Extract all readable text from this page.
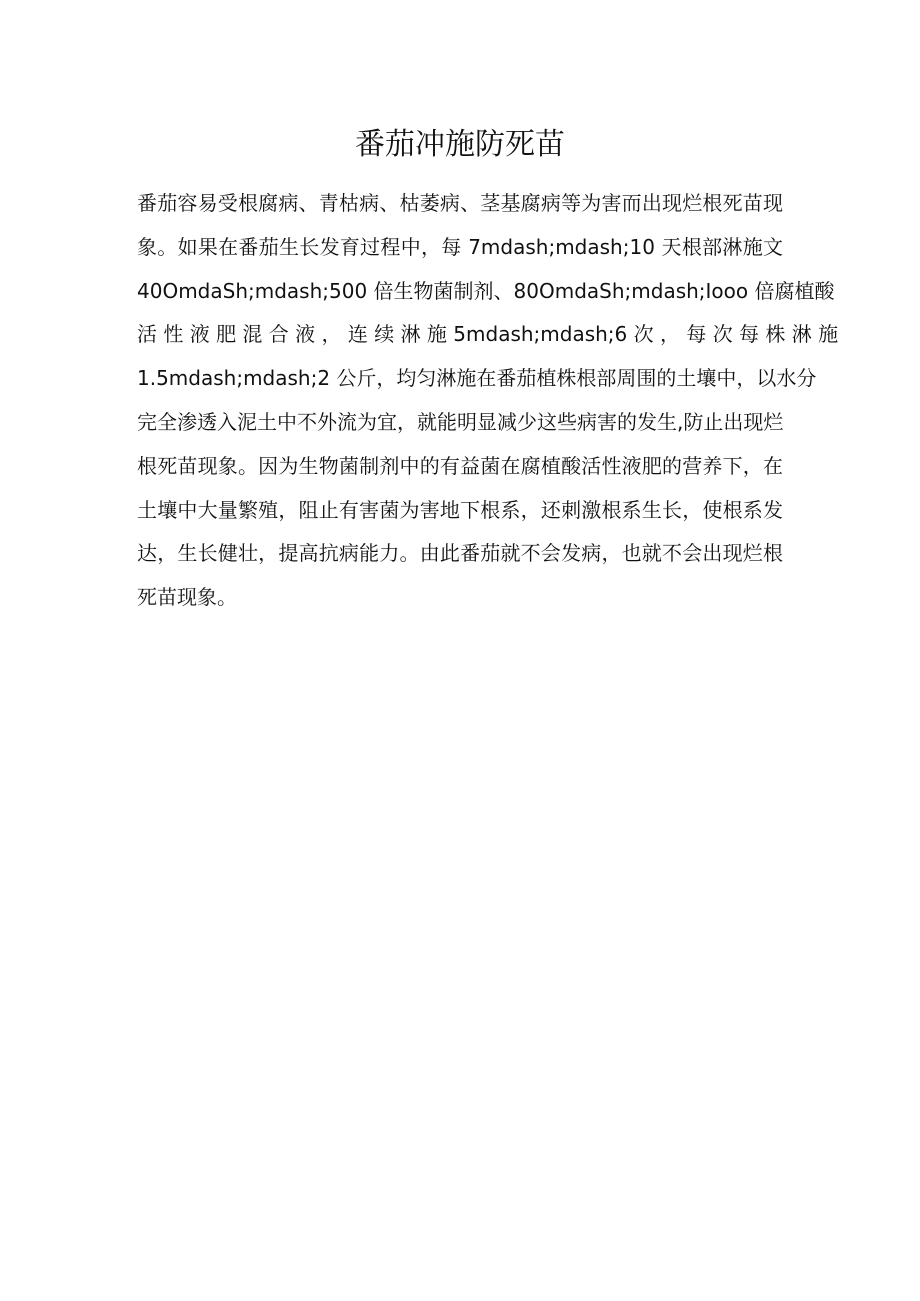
番茄冲施防死苗
番茄容易受根腐病、青枯病、枯萎病、茎基腐病等为害而出现烂根死苗现
象。如果在番茄生长发育过程中，每 7mdash;mdash;10 天根部淋施文
40OmdaSh;mdash;500 倍生物菌制剂、80OmdaSh;mdash;Iooo 倍腐植酸
活 性 液 肥 混 合 液 ， 连 续 淋 施 5mdash;mdash;6 次 ， 每 次 每 株 淋 施
1.5mdash;mdash;2 公斤，均匀淋施在番茄植株根部周围的土壤中，以水分
完全渗透入泥土中不外流为宜，就能明显减少这些病害的发生,防止出现烂
根死苗现象。因为生物菌制剂中的有益菌在腐植酸活性液肥的营养下，在
土壤中大量繁殖，阻止有害菌为害地下根系，还刺激根系生长，使根系发
达，生长健壮，提高抗病能力。由此番茄就不会发病，也就不会出现烂根
死苗现象。
